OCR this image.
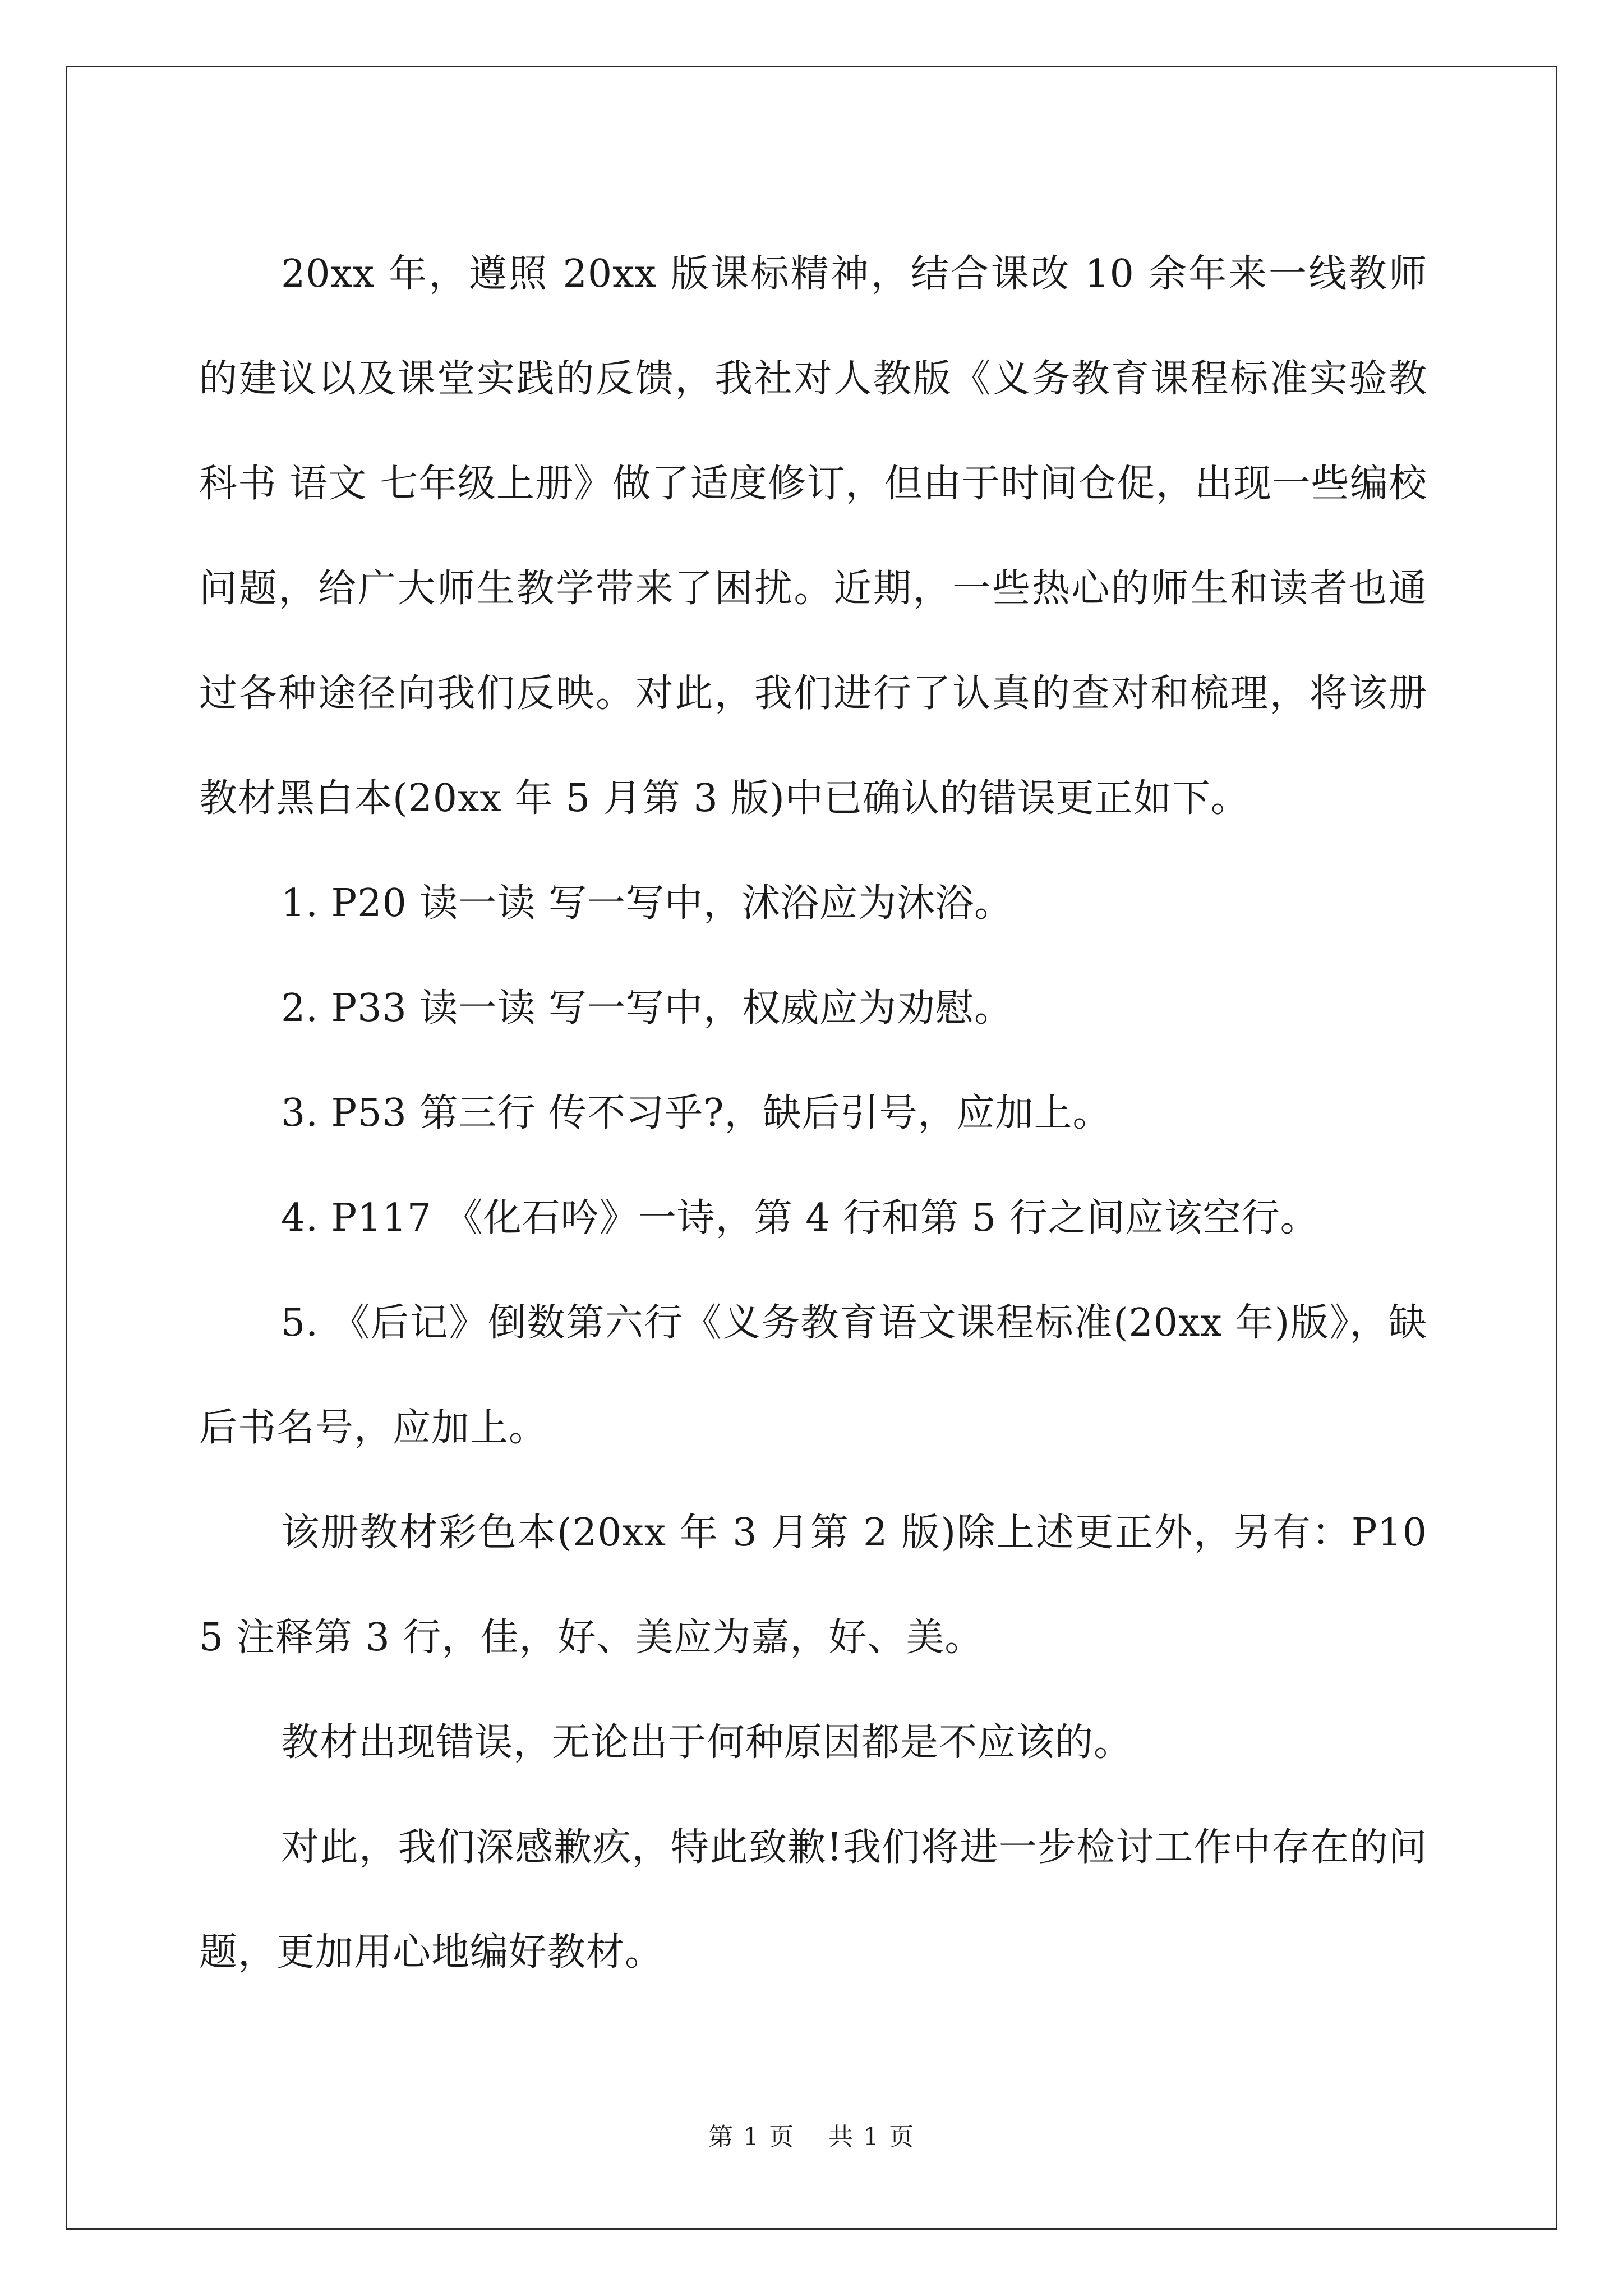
20xx 年，遵照 20xx 版课标精神，结合课改 10 余年来一线教师的建议以及课堂实践的反馈，我社对人教版《义务教育课程标准实验教科书 语文 七年级上册》做了适度修订，但由于时间仓促，出现一些编校问题，给广大师生教学带来了困扰。近期，一些热心的师生和读者也通过各种途径向我们反映。对此，我们进行了认真的查对和梳理，将该册教材黑白本(20xx 年 5 月第 3 版)中已确认的错误更正如下。

1. P20 读一读 写一写中，沭浴应为沐浴。

2. P33 读一读 写一写中，权威应为劝慰。

3. P53 第三行 传不习乎?，缺后引号，应加上。

4. P117 《化石吟》一诗，第 4 行和第 5 行之间应该空行。

5. 《后记》倒数第六行《义务教育语文课程标准(20xx 年)版》，缺后书名号，应加上。

该册教材彩色本(20xx 年 3 月第 2 版)除上述更正外，另有：P105 注释第 3 行，佳，好、美应为嘉，好、美。

教材出现错误，无论出于何种原因都是不应该的。

对此，我们深感歉疚，特此致歉!我们将进一步检讨工作中存在的问题，更加用心地编好教材。

第 1 页 共 1 页
